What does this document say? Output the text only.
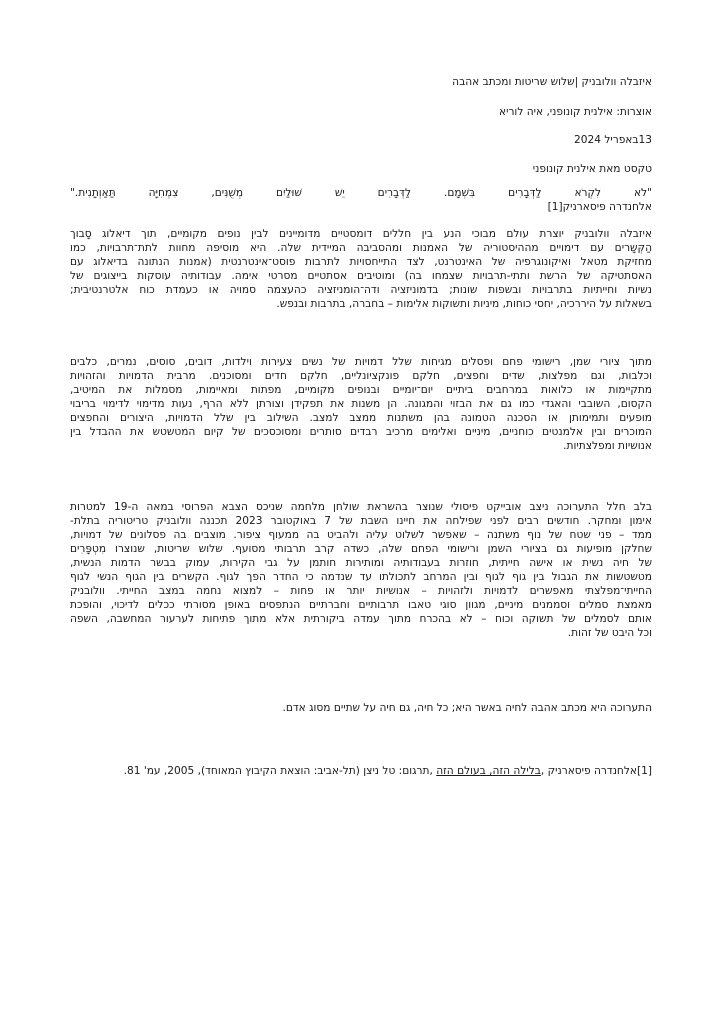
איזבלה וולובניק |שלוש שריטות ומכתב אהבה
אוצרות: אילנית קונופני, איה לוריא
13באפריל 2024
טקסט מאת אילנית קונופני
"לֹא לִקְרֹא לַדְּבָרִים בִּשְׁמָם. לַדְּבָרִים יֵשׁ שׁוּלַיִם מְשֻׁנִּים, צִמְחִיָּה תַּאַוְתָנִית."
אלחנדרה פיסארניק[1]
איזבלה וולובניק יוצרת עולם מבוכי הנע בין חללים דומסטיים מדומיינים לבין נופים מקומיים, תוך דיאלוג סָבוך
הַקְּשָרים עם דימויים מההיסטוריה של האמנות ומהסביבה המיידית שלה. היא מוסיפה מחוות לתת־תרבויות, כמו
מחזיקת מטאל ואיקונוגרפיה של האינטרנט, לצד התייחסויות לתרבות פוסט־אינטרנטית (אמנות הנתונה בדיאלוג עם
האסתטיקה של הרשת ותתי-תרבויות שצמחו בה) ומוטיבים אסתטיים מסרטי אימה. עבודותיה עוסקות בייצוגים של
נשיות וחייתיות בתרבויות ובשפות שונות; בדמוניזציה ודה־הומניזציה כהעצמה סמויה או כעמדת כוח אלטרנטיבית;
בשאלות על היררכיה, יחסי כוחות, מיניות ותשוקות אלימות – בחברה, בתרבות ובנפש.
מתוך ציורי שמן, רישומי פחם ופסלים מגיחות שלל דמויות של נשים צעירות וילדות, דובים, סוסים, נמרים, כלבים
וכלבות, וגם מפלצות, שדים וחפצים, חלקם פונקציונליים, חלקם חדים ומסוכנים. מרבית הדמויות והזהויות
מתקיימות או כלואות במרחבים ביתיים יום־יומיים ובנופים מקומיים, מפתות ומאיימות, מסמלות את המיטיב,
הקסום, השובבי והאגדי כמו גם את הבזוי והמגונה. הן משנות את תפקידן וצורתן ללא הרף, נעות מדימוי לדימוי בריבוי
מופעים ותמימותן או הסכנה הטמונה בהן משתנות ממצב למצב. השילוב בין שלל הדמויות, היצורים והחפצים
המוכרים ובין אלמנטים כוחניים, מיניים ואלימים מרכיב רבדים סותרים ומסוכסכים של קיום המטשטש את ההבדל בין
אנושיות ומפלצתיות.
בלב חלל התערוכה ניצב אובייקט פיסולי שנוצר בהשראת שולחן מלחמה שניכס הצבא הפרוסי במאה ה-19 למטרות
אימון ומחקר. חודשים רבים לפני שפילחה את חיינו השבת של 7 באוקטובר 2023 תכננה וולובניק טריטוריה בתלת-
ממד – פני שטח של נוף משתנה – שאפשר לשלוט עליה ולהביט בה ממעוף ציפור. מוצבים בה פסלונים של דמויות,
שחלקן מופיעות גם בציורי השמן ורישומי הפחם שלה, כשדה קרב תרבותי מסועף. שלוש שריטות, שנוצרו מִטְפָּרִים
של חיה נשית או אישה חייתית, חוזרות בעבודותיה ומותירות חותמן על גבי הקירות, עמוק בבשר הדמות הנשית,
מטשטשות את הגבול בין גוף לגוף ובין המרחב לתכולתו עד שנדמה כי החדר הפך לגוף. הקשרים בין הגוף הנשי לגוף
החייתי־מפלצתי מאפשרים לדמויות ולזהויות – אנושיות יותר או פחות – למצוא נחמה במצב החייתי. וולובניק
מאמצת סמלים וסממנים מיניים, מגוון סוגי טאבו תרבותיים וחברתיים הנתפסים באופן מסורתי ככלים לדיכוי, והופכת
אותם לסמלים של תשוקה וכוח – לא בהכרח מתוך עמדה ביקורתית אלא מתוך פתיחות לערעור המחשבה, השפה
וכל היבט של זהות.
התערוכה היא מכתב אהבה לחיה באשר היא; כל חיה, גם חיה על שתיים מסוג אדם.
[1]אלחנדרה פיסארניק ,בלילה הזה, בעולם הזה ,תרגום: טל ניצן (תל-אביב: הוצאת הקיבוץ המאוחד), 2005, עמ' 81.
